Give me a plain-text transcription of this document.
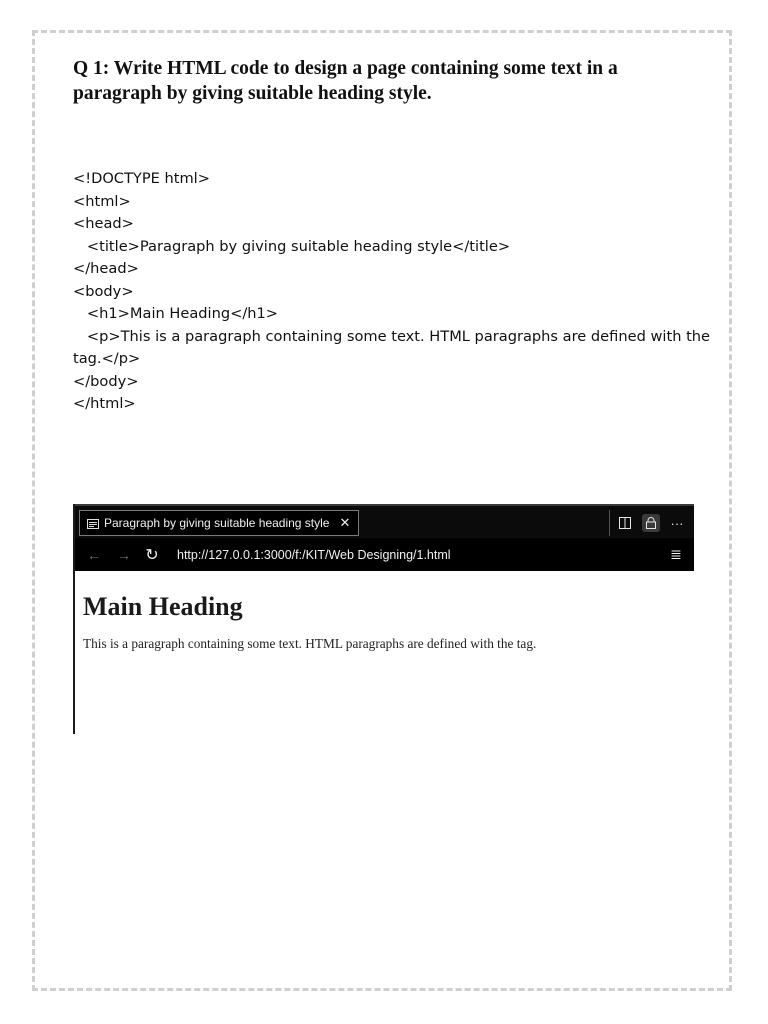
Q 1: Write HTML code to design a page containing some text in a paragraph by giving suitable heading style.

<!DOCTYPE html>
<html>
<head>
<title>Paragraph by giving suitable heading style</title>
</head>
<body>
<h1>Main Heading</h1>
<p>This is a paragraph containing some text. HTML paragraphs are defined with the tag.</p>
</body>
</html>
Paragraph by giving suitable heading style ✕	···
← → ↻	http://127.0.0.1:3000/f:/KIT/Web Designing/1.html	≣
Main Heading

This is a paragraph containing some text. HTML paragraphs are defined with the tag.
